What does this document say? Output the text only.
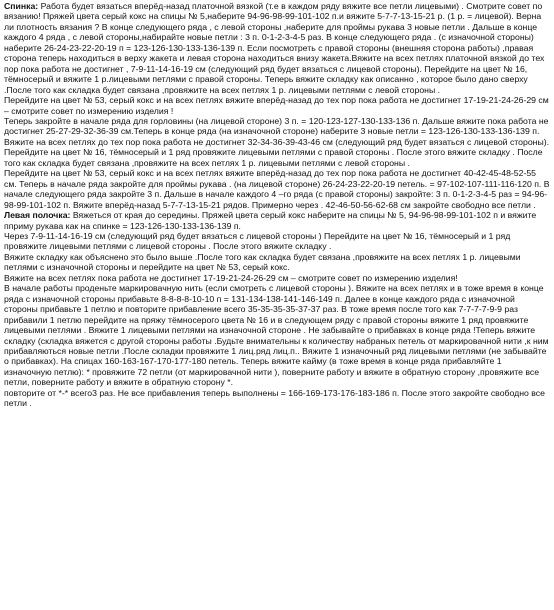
Спинка: Работа будет вязаться вперёд-назад платочной вязкой (т.е в каждом ряду вяжите все петли лицевыми) . Смотрите совет по вязанию! Пряжей цвета серый кокс на спицы № 5,наберите 94-96-98-99-101-102 п.и вяжите 5-7-7-13-15-21 р. (1 р. = лицевой). Верна ли плотность вязания ? В конце следующего ряда , с левой стороны ,наберите для проймы рукава 3 новые петли . Дальше в конце каждого 4 ряда , с левой стороны,набирайте новые петли : 3 п. 0-1-2-3-4-5 раз. В конце следующего ряда . (с изначочной стороны) наберите 26-24-23-22-20-19 п = 123-126-130-133-136-139 п. Если посмотреть с правой стороны (внешняя сторона работы) ,правая сторона теперь находиться в верху жакета и левая сторона находиться внизу жакета.Вяжите на всех петлях платочной вязкой до тех пор пока работа не достигнет , 7-9-11-14-16-19 см (следующий ряд будет вязаться с лицевой стороны). Перейдите на цвет № 16, тёмносерый и вяжите 1 р.лицевыми петлями с правой стороны. Теперь вяжите складку как описанно , которое было дано сверху .После того как складка будет связана ,провяжите на всех петлях 1 р. лицевыми петлями с левой стороны .

Перейдите на цвет № 53, серый кокс и на всех петлях вяжите вперёд-назад до тех пор пока работа не достигнет 17-19-21-24-26-29 см – смотрите совет по измерению изделия !

Теперь закройте в начале ряда для горловины (на лицевой стороне) 3 п. = 120-123-127-130-133-136 п. Дальше вяжите пока работа не достигнет 25-27-29-32-36-39 см.Теперь в конце ряда (на изначочной стороне) наберите 3 новые петли = 123-126-130-133-136-139 п. Вяжите на всех петлях до тех пор пока работа не достигнет 32-34-36-39-43-46 см (следующий ряд будет вязаться с лицевой стороны). Перейдите на цвет № 16, тёмносерый и 1 ряд провяжите лицевыми петлями с правой стороны . После этого вяжите складку . После того как складка будет связана ,провяжите на всех петлях 1 р. лицевыми петлями с левой стороны .

Перейдите на цвет № 53, серый кокс и на всех петлях вяжите вперёд-назад до тех пор пока работа не достигнет 40-42-45-48-52-55 см. Теперь в начале ряда закройте для проймы рукава . (на лицевой стороне) 26-24-23-22-20-19 петель. = 97-102-107-111-116-120 п. В начале следующего ряда закройте 3 п. Дальше в начале каждого 4 –го ряда (с правой стороны) закройте: 3 п. 0-1-2-3-4-5 раз = 94-96-98-99-101-102 п. Вяжите вперёд-назад 5-7-7-13-15-21 рядов. Примерно через . 42-46-50-56-62-68 см закройте свободно все петли .

Левая полочка: Вяжеться от края до середины. Пряжей цвета серый кокс наберите на спицы № 5, 94-96-98-99-101-102 п и вяжите пприму рукава как на спинке = 123-126-130-133-136-139 п.

Через 7-9-11-14-16-19 см (следующий ряд будет вязаться с лицевой стороны ) Перейдите на цвет № 16, тёмносерый и 1 ряд провяжите лицевыми петлями с лицевой стороны . После этого вяжите складку .

Вяжите складку как объяснено это было выше .После того как складка будет связана ,провяжите на всех петлях 1 р. лицевыми петлями с изначочной стороны и перейдите на цвет № 53, серый кокс.

Вяжите на всех петлях пока работа не достигнет 17-19-21-24-26-29 см – смотрите совет по измерению изделия!

В начале работы проденьте маркировачную нить (если смотреть с лицевой стороны ). Вяжите на всех петлях и в тоже время в конце ряда с изначочной стороны прибавьте 8-8-8-8-10-10 п = 131-134-138-141-146-149 п. Далее в конце каждого ряда с изначочной стороны прибавьте 1 петлю и повторите прибавление всего 35-35-35-35-37-37 раз. В тоже время после того как 7-7-7-7-9-9 раз прибавили 1 петлю перейдите на пряжу тёмносерого цвета № 16 и в следующем ряду с правой стороны вяжите 1 ряд провяжите лицевыми петлями . Вяжите 1 лицевыми петлями на изначочной стороне . Не забывайте о прибавках в конце ряда !Теперь вяжите складку (складка вяжется с другой стороны работы .Будьте внимательны к количеству набраных петель от маркировачной нити ,к ним прибавляються новые петли .После складки провяжите 1 лиц.ряд лиц.п.. Вяжите 1 изначочный ряд лицевыми петлями (не забывайте о прибавках). На спицах 160-163-167-170-177-180 петель. Теперь вяжите кайму (в тоже время в конце ряда прибавляйте 1 изначочную петлю): * провяжите 72 петли (от маркировачной нити ), поверните работу и вяжите в обратную сторону ,провяжите все петли, поверните работу и вяжите в обратную сторону *.

повторите от *-* всего3 раз. Не все прибавления теперь выполнены = 166-169-173-176-183-186 п. После этого закройте свободно все петли .
